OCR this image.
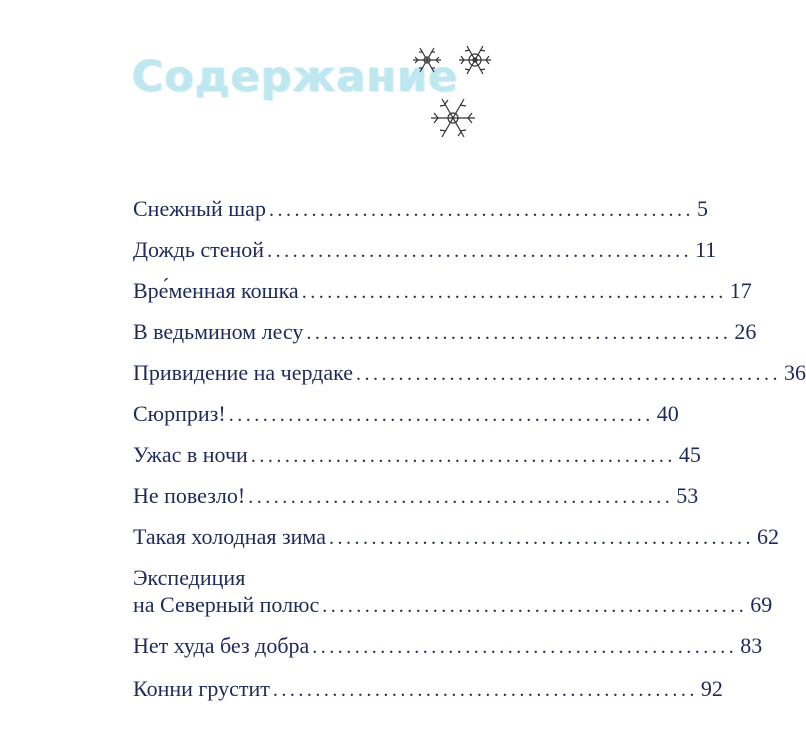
Содержание
Снежный шар .................................................. 5
Дождь стеной .................................................. 11
Вре́менная кошка .................................................. 17
В ведьмином лесу .................................................. 26
Привидение на чердаке .................................................. 36
Сюрприз! .................................................. 40
Ужас в ночи .................................................. 45
Не повезло! .................................................. 53
Такая холодная зима .................................................. 62
Экспедиция
на Северный полюс .................................................. 69
Нет худа без добра .................................................. 83
Конни грустит .................................................. 92
